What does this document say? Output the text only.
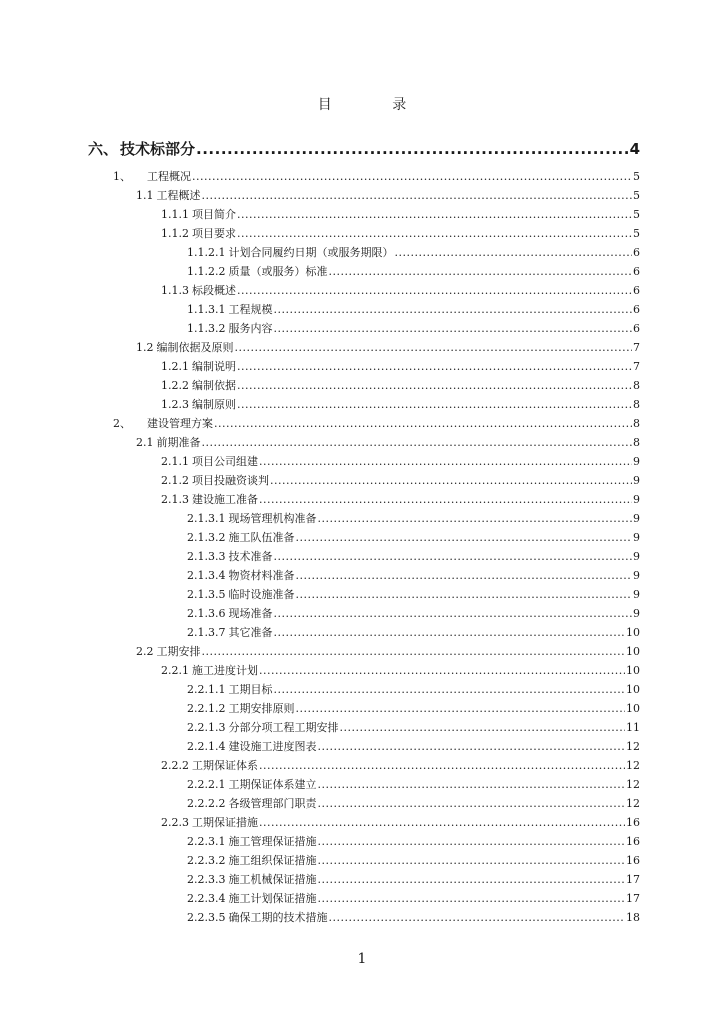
目 录
六、 技术标部分 .....	4
1、 工程概况 .....	5
1.1 工程概述 .....	5
1.1.1 项目简介 .....	5
1.1.2 项目要求 .....	5
1.1.2.1 计划合同履约日期（或服务期限） .....	6
1.1.2.2 质量（或服务）标准 .....	6
1.1.3 标段概述 .....	6
1.1.3.1 工程规模 .....	6
1.1.3.2 服务内容 .....	6
1.2 编制依据及原则 .....	7
1.2.1 编制说明 .....	7
1.2.2 编制依据 .....	8
1.2.3 编制原则 .....	8
2、 建设管理方案 .....	8
2.1 前期准备 .....	8
2.1.1 项目公司组建 .....	9
2.1.2 项目投融资谈判 .....	9
2.1.3 建设施工准备 .....	9
2.1.3.1 现场管理机构准备 .....	9
2.1.3.2 施工队伍准备 .....	9
2.1.3.3 技术准备 .....	9
2.1.3.4 物资材料准备 .....	9
2.1.3.5 临时设施准备 .....	9
2.1.3.6 现场准备 .....	9
2.1.3.7 其它准备 .....	10
2.2 工期安排 .....	10
2.2.1 施工进度计划 .....	10
2.2.1.1 工期目标 .....	10
2.2.1.2 工期安排原则 .....	10
2.2.1.3 分部分项工程工期安排 .....	11
2.2.1.4 建设施工进度图表 .....	12
2.2.2 工期保证体系 .....	12
2.2.2.1 工期保证体系建立 .....	12
2.2.2.2 各级管理部门职责 .....	12
2.2.3 工期保证措施 .....	16
2.2.3.1 施工管理保证措施 .....	16
2.2.3.2 施工组织保证措施 .....	16
2.2.3.3 施工机械保证措施 .....	17
2.2.3.4 施工计划保证措施 .....	17
2.2.3.5 确保工期的技术措施 .....	18
1
